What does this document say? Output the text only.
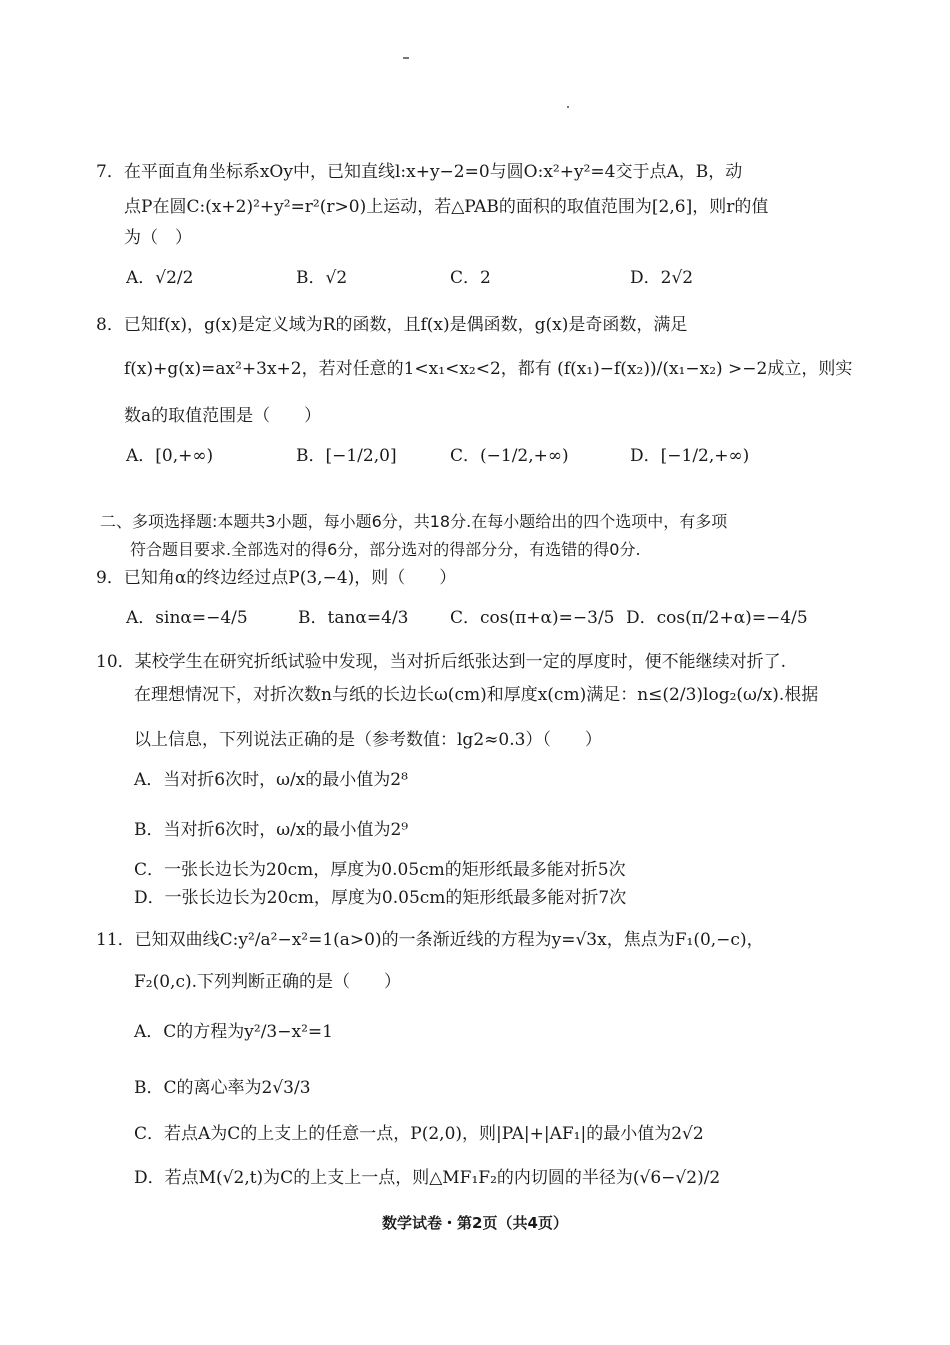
7．在平面直角坐标系xOy中，已知直线l:x+y−2=0与圆O:x²+y²=4交于点A，B，动
点P在圆C:(x+2)²+y²=r²(r>0)上运动，若△PAB的面积的取值范围为[2,6]，则r的值
为（　）
A．√2/2	B．√2	C．2	D．2√2
8．已知f(x)，g(x)是定义域为R的函数，且f(x)是偶函数，g(x)是奇函数，满足
f(x)+g(x)=ax²+3x+2，若对任意的1<x₁<x₂<2，都有 (f(x₁)−f(x₂))/(x₁−x₂) >−2成立，则实
数a的取值范围是（　　）
A．[0,+∞)	B．[−1/2,0]	C．(−1/2,+∞)	D．[−1/2,+∞)
二、多项选择题:本题共3小题，每小题6分，共18分.在每小题给出的四个选项中，有多项
符合题目要求.全部选对的得6分，部分选对的得部分分，有选错的得0分.
9．已知角α的终边经过点P(3,−4)，则（　　）
A．sinα=−4/5	B．tanα=4/3 C．cos(π+α)=−3/5 D．cos(π/2+α)=−4/5
10．某校学生在研究折纸试验中发现，当对折后纸张达到一定的厚度时，便不能继续对折了.
在理想情况下，对折次数n与纸的长边长ω(cm)和厚度x(cm)满足：n≤(2/3)log₂(ω/x).根据
以上信息，下列说法正确的是（参考数值：lg2≈0.3）（　　）
A．当对折6次时，ω/x的最小值为2⁸
B．当对折6次时，ω/x的最小值为2⁹
C．一张长边长为20cm，厚度为0.05cm的矩形纸最多能对折5次
D．一张长边长为20cm，厚度为0.05cm的矩形纸最多能对折7次
11．已知双曲线C:y²/a²−x²=1(a>0)的一条渐近线的方程为y=√3x，焦点为F₁(0,−c)，
F₂(0,c).下列判断正确的是（　　）
A．C的方程为y²/3−x²=1
B．C的离心率为2√3/3
C．若点A为C的上支上的任意一点，P(2,0)，则|PA|+|AF₁|的最小值为2√2
D．若点M(√2,t)为C的上支上一点，则△MF₁F₂的内切圆的半径为(√6−√2)/2
数学试卷・第2页（共4页）
